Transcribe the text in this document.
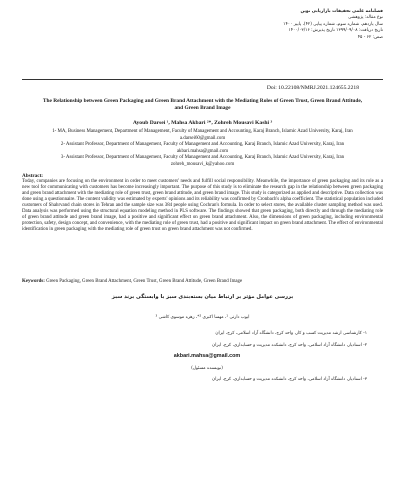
فصلنامه علمی تحقیقات بازاریابی نوین
نوع مقاله: پژوهشی
سال یازدهم، شماره سوم، شماره پیاپی (۴۲)، پاییز ۱۴۰۰
تاریخ دریافت: ۱۳۹۹/۰۹/۰۸ تاریخ پذیرش: ۱۴۰۰/۰۳/۱۶
صص: ۶۲ - ۴۵
Doi: 10.22108/NMRJ.2021.124655.2218
The Relationship between Green Packaging and Green Brand Attachment with the Mediating Roles of Green Trust, Green Brand Attitude, and Green Brand Image
Ayoub Darsei ¹, Mahsa Akbari ²*, Zohreh Mousavi Kashi ³

1- MA, Business Management, Department of Management, Faculty of Management and Accounting, Karaj Branch, Islamic Azad University, Karaj, Iran

a.darsei60@gmail.com

2- Assistant Professor, Department of Management, Faculty of Management and Accounting, Karaj Branch, Islamic Azad University, Karaj, Iran

akbari.mahsa@gmail.com

3- Assistant Professor, Department of Management, Faculty of Management and Accounting, Karaj Branch, Islamic Azad University, Karaj, Iran

zohreh_mousavi_k@yahoo.com

Abstract:
Today, companies are focusing on the environment in order to meet customers' needs and fulfill social responsibility. Meanwhile, the importance of green packaging and its role as a new tool for communicating with customers has become increasingly important. The purpose of this study is to eliminate the research gap in the relationship between green packaging and green brand attachment with the mediating role of green trust, green brand attitude, and green brand image. This study is categorized as applied and descriptive. Data collection was done using a questionnaire. The content validity was estimated by experts' opinions and its reliability was confirmed by Cronbach's alpha coefficient. The statistical population included customers of Shahrvand chain stores in Tehran and the sample size was 384 people using Cochran's formula. In order to select stores, the available cluster sampling method was used. Data analysis was performed using the structural equation modeling method in PLS software. The findings showed that green packaging, both directly and through the mediating role of green brand attitude and green brand image, had a positive and significant effect on green brand attachment. Also, the dimensions of green packaging, including environmental protection, safety, design concept, and convenience, with the mediating role of green trust, had a positive and significant impact on green brand attachment. The effect of environmental identification in green packaging with the mediating role of green trust on green brand attachment was not confirmed.
Keywords: Green Packaging, Green Brand Attachment, Green Trust, Green Brand Attitude, Green Brand Image
بررسی عوامل مؤثر بر ارتباط میان بسته‌بندی سبز با وابستگی برند سبز
ایوب دارثی ¹، مهسا اکبری ²*، زهره موسوی کاشی ³
۱- کارشناسی ارشد مدیریت کسب و کار، واحد کرج، دانشگاه آزاد اسلامی، کرج، ایران
۲- استادیار، دانشگاه آزاد اسلامی، واحد کرج، دانشکده مدیریت و حسابداری، کرج، ایران
akbari.mahsa@gmail.com
(نویسنده مسئول)
۳- استادیار، دانشگاه آزاد اسلامی، واحد کرج، دانشکده مدیریت و حسابداری، کرج، ایران
